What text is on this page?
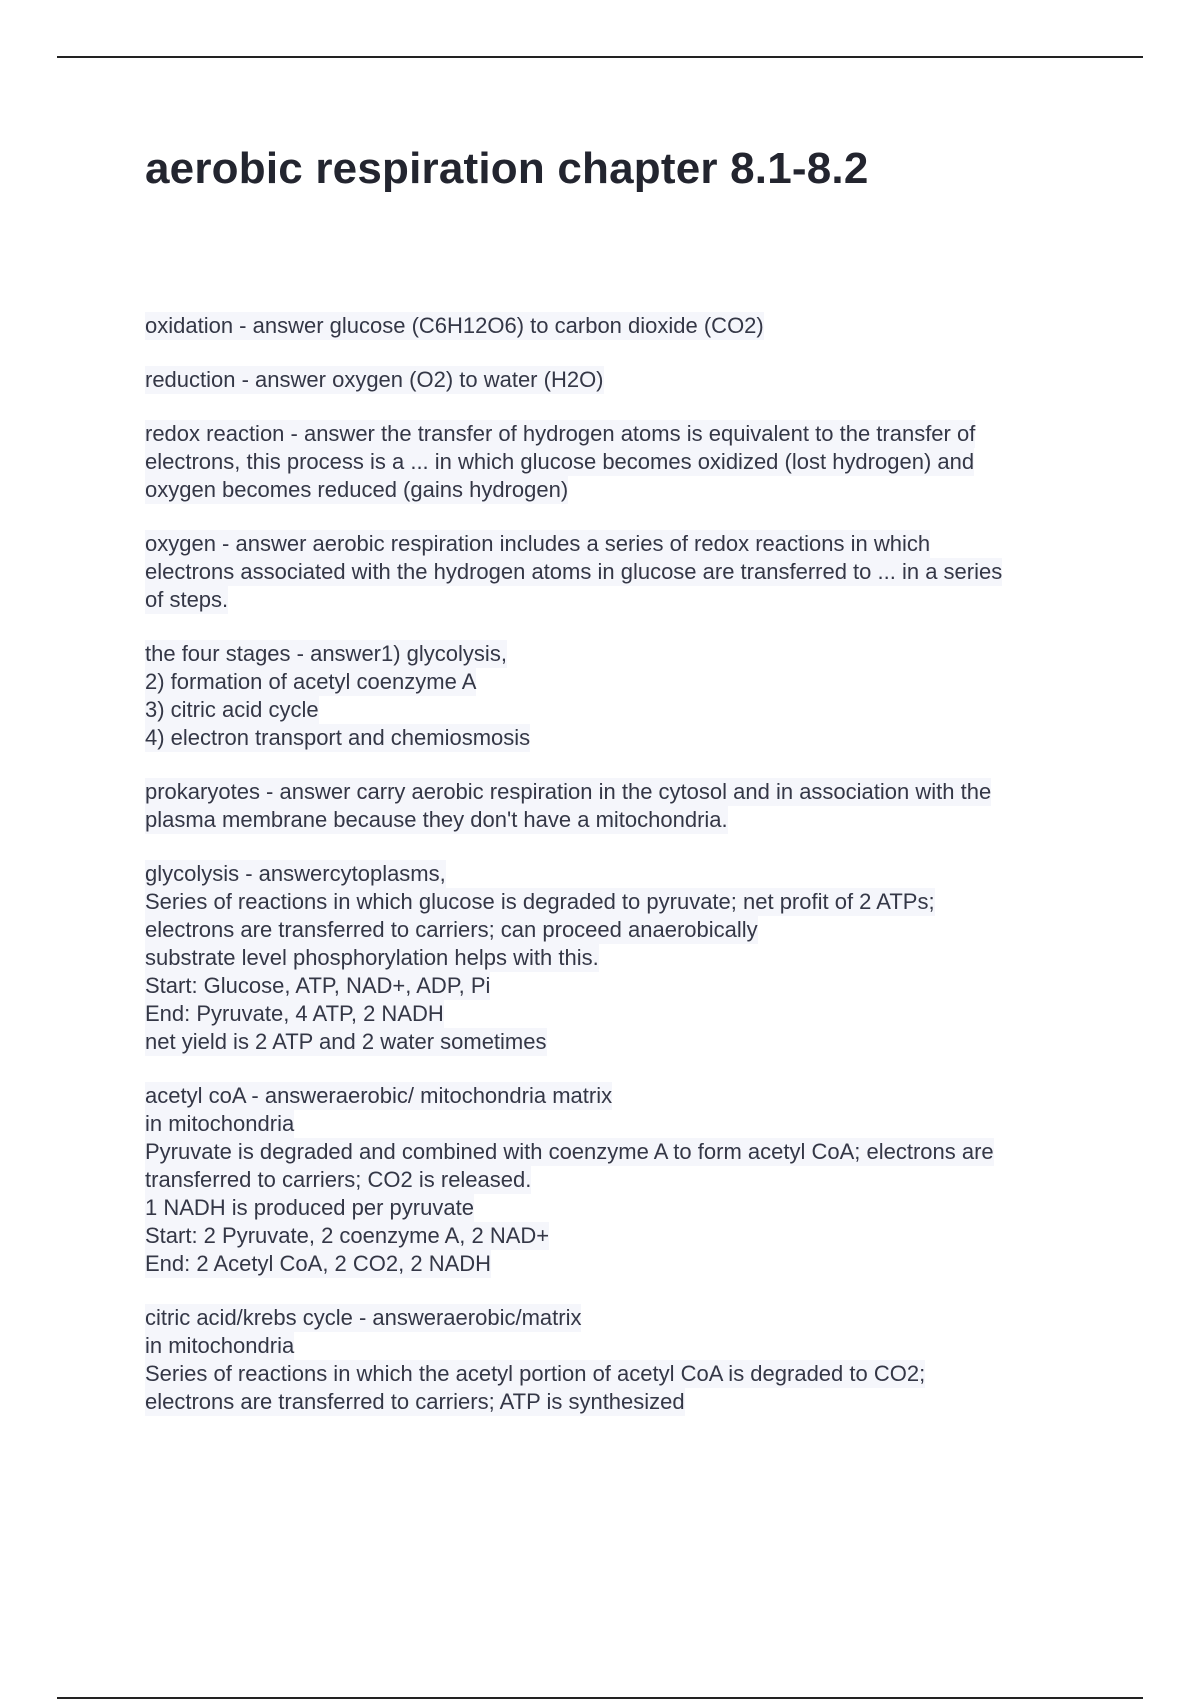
aerobic respiration chapter 8.1-8.2
oxidation - answer glucose (C6H12O6) to carbon dioxide (CO2)
reduction - answer oxygen (O2) to water (H2O)
redox reaction - answer the transfer of hydrogen atoms is equivalent to the transfer of
electrons, this process is a ... in which glucose becomes oxidized (lost hydrogen) and
oxygen becomes reduced (gains hydrogen)
oxygen - answer aerobic respiration includes a series of redox reactions in which
electrons associated with the hydrogen atoms in glucose are transferred to ... in a series
of steps.
the four stages - answer1) glycolysis,
2) formation of acetyl coenzyme A
3) citric acid cycle
4) electron transport and chemiosmosis
prokaryotes - answer carry aerobic respiration in the cytosol and in association with the
plasma membrane because they don't have a mitochondria.
glycolysis - answercytoplasms,
Series of reactions in which glucose is degraded to pyruvate; net profit of 2 ATPs;
electrons are transferred to carriers; can proceed anaerobically
substrate level phosphorylation helps with this.
Start: Glucose, ATP, NAD+, ADP, Pi
End: Pyruvate, 4 ATP, 2 NADH
net yield is 2 ATP and 2 water sometimes
acetyl coA - answeraerobic/ mitochondria matrix
in mitochondria
Pyruvate is degraded and combined with coenzyme A to form acetyl CoA; electrons are
transferred to carriers; CO2 is released.
1 NADH is produced per pyruvate
Start: 2 Pyruvate, 2 coenzyme A, 2 NAD+
End: 2 Acetyl CoA, 2 CO2, 2 NADH
citric acid/krebs cycle - answeraerobic/matrix
in mitochondria
Series of reactions in which the acetyl portion of acetyl CoA is degraded to CO2;
electrons are transferred to carriers; ATP is synthesized
